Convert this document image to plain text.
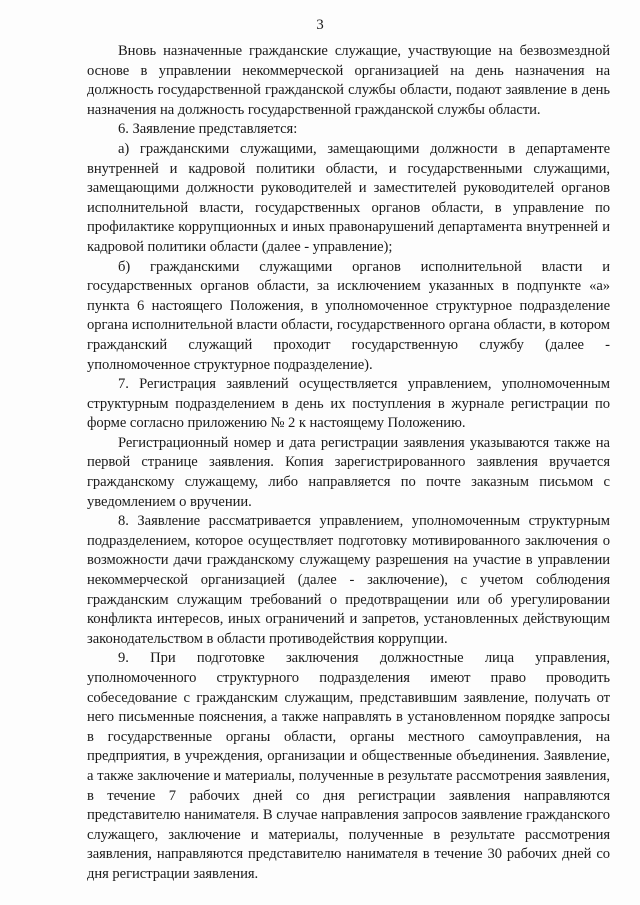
3

Вновь назначенные гражданские служащие, участвующие на безвозмездной основе в управлении некоммерческой организацией на день назначения на должность государственной гражданской службы области, подают заявление в день назначения на должность государственной гражданской службы области.

6. Заявление представляется:

а) гражданскими служащими, замещающими должности в департаменте внутренней и кадровой политики области, и государственными служащими, замещающими должности руководителей и заместителей руководителей органов исполнительной власти, государственных органов области, в управление по профилактике коррупционных и иных правонарушений департамента внутренней и кадровой политики области (далее - управление);

б) гражданскими служащими органов исполнительной власти и государственных органов области, за исключением указанных в подпункте «а» пункта 6 настоящего Положения, в уполномоченное структурное подразделение органа исполнительной власти области, государственного органа области, в котором гражданский служащий проходит государственную службу (далее - уполномоченное структурное подразделение).

7. Регистрация заявлений осуществляется управлением, уполномоченным структурным подразделением в день их поступления в журнале регистрации по форме согласно приложению № 2 к настоящему Положению.

Регистрационный номер и дата регистрации заявления указываются также на первой странице заявления. Копия зарегистрированного заявления вручается гражданскому служащему, либо направляется по почте заказным письмом с уведомлением о вручении.

8. Заявление рассматривается управлением, уполномоченным структурным подразделением, которое осуществляет подготовку мотивированного заключения о возможности дачи гражданскому служащему разрешения на участие в управлении некоммерческой организацией (далее - заключение), с учетом соблюдения гражданским служащим требований о предотвращении или об урегулировании конфликта интересов, иных ограничений и запретов, установленных действующим законодательством в области противодействия коррупции.

9. При подготовке заключения должностные лица управления, уполномоченного структурного подразделения имеют право проводить собеседование с гражданским служащим, представившим заявление, получать от него письменные пояснения, а также направлять в установленном порядке запросы в государственные органы области, органы местного самоуправления, на предприятия, в учреждения, организации и общественные объединения. Заявление, а также заключение и материалы, полученные в результате рассмотрения заявления, в течение 7 рабочих дней со дня регистрации заявления направляются представителю нанимателя. В случае направления запросов заявление гражданского служащего, заключение и материалы, полученные в результате рассмотрения заявления, направляются представителю нанимателя в течение 30 рабочих дней со дня регистрации заявления.
